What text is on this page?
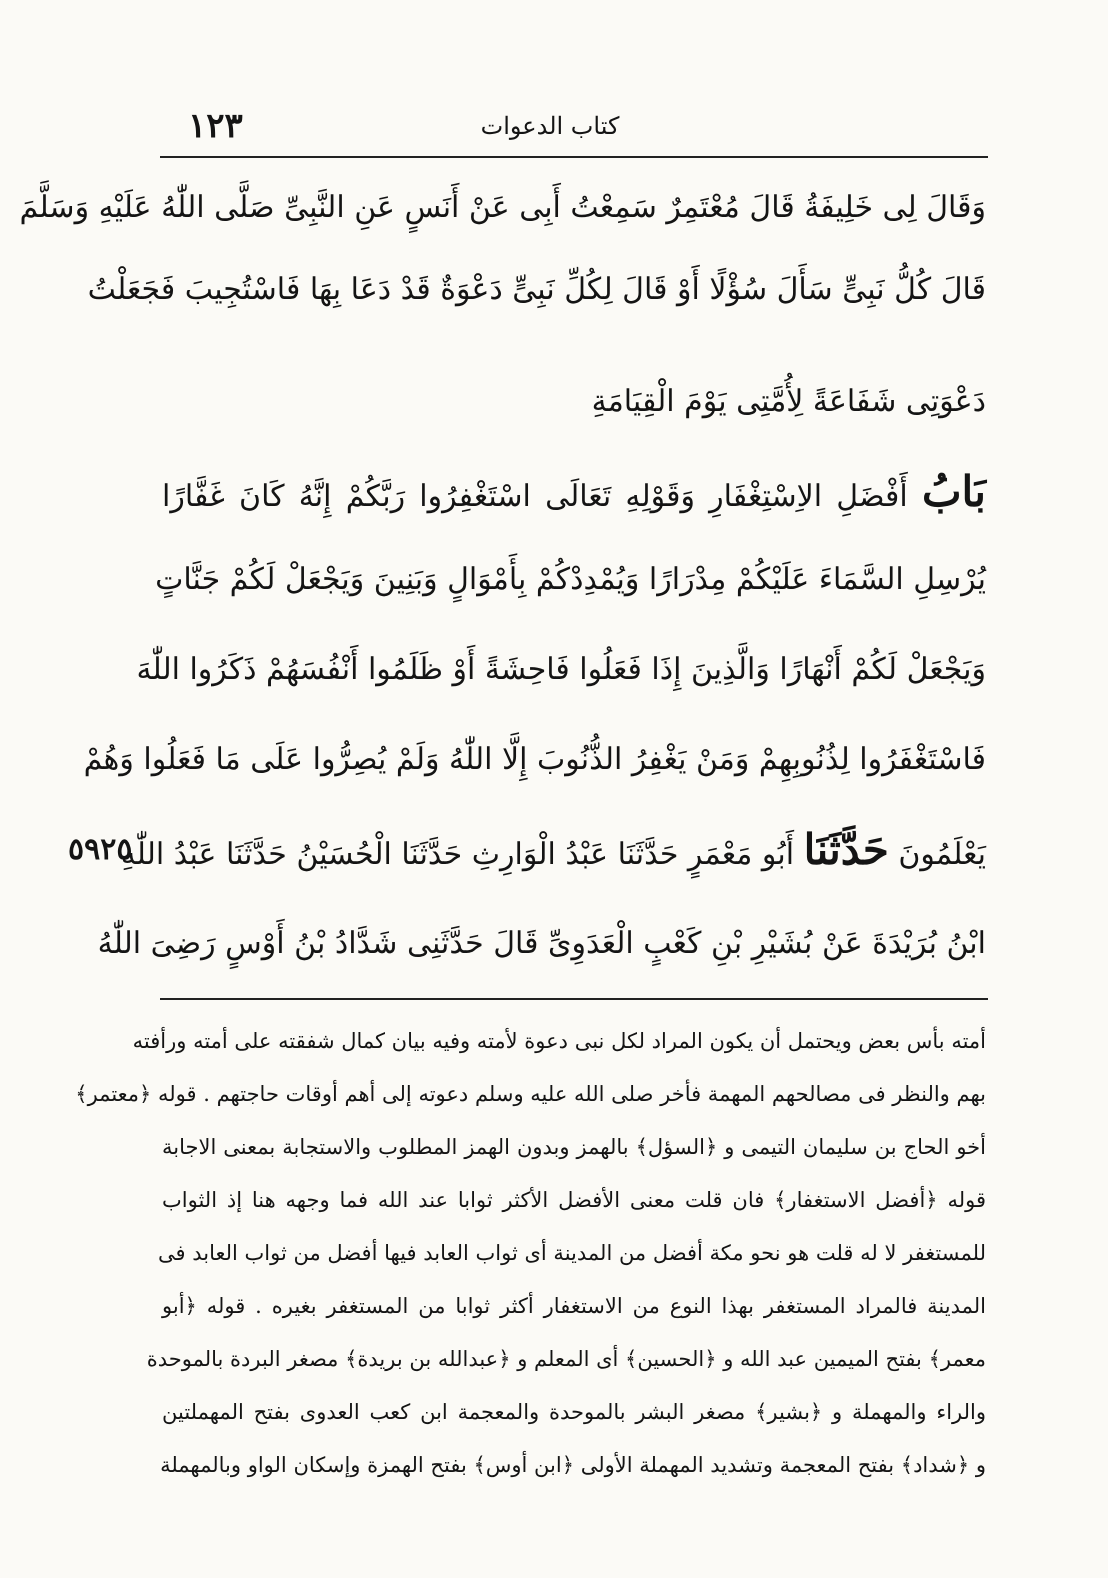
١٢٣	كتاب الدعوات
وَقَالَ لِى خَلِيفَةُ قَالَ مُعْتَمِرٌ سَمِعْتُ أَبِى عَنْ أَنَسٍ عَنِ النَّبِىِّ صَلَّى اللّٰهُ عَلَيْهِ وَسَلَّمَ
قَالَ كُلُّ نَبِىٍّ سَأَلَ سُؤْلًا أَوْ قَالَ لِكُلِّ نَبِىٍّ دَعْوَةٌ قَدْ دَعَا بِهَا فَاسْتُجِيبَ فَجَعَلْتُ
دَعْوَتِى شَفَاعَةً لِأُمَّتِى يَوْمَ الْقِيَامَةِ
بَابُ أَفْضَلِ الاِسْتِغْفَارِ وَقَوْلِهِ تَعَالَى اسْتَغْفِرُوا رَبَّكُمْ إِنَّهُ كَانَ غَفَّارًا
يُرْسِلِ السَّمَاءَ عَلَيْكُمْ مِدْرَارًا وَيُمْدِدْكُمْ بِأَمْوَالٍ وَبَنِينَ وَيَجْعَلْ لَكُمْ جَنَّاتٍ
وَيَجْعَلْ لَكُمْ أَنْهَارًا وَالَّذِينَ إِذَا فَعَلُوا فَاحِشَةً أَوْ ظَلَمُوا أَنْفُسَهُمْ ذَكَرُوا اللّٰهَ
فَاسْتَغْفَرُوا لِذُنُوبِهِمْ وَمَنْ يَغْفِرُ الذُّنُوبَ إِلَّا اللّٰهُ وَلَمْ يُصِرُّوا عَلَى مَا فَعَلُوا وَهُمْ
يَعْلَمُونَ حَدَّثَنَا أَبُو مَعْمَرٍ حَدَّثَنَا عَبْدُ الْوَارِثِ حَدَّثَنَا الْحُسَيْنُ حَدَّثَنَا عَبْدُ اللّٰهِ
ابْنُ بُرَيْدَةَ عَنْ بُشَيْرِ بْنِ كَعْبٍ الْعَدَوِىِّ قَالَ حَدَّثَنِى شَدَّادُ بْنُ أَوْسٍ رَضِىَ اللّٰهُ
٥٩٢٥
أمته بأس بعض ويحتمل أن يكون المراد لكل نبى دعوة لأمته وفيه بيان كمال شفقته على أمته ورأفته
بهم والنظر فى مصالحهم المهمة فأخر صلى الله عليه وسلم دعوته إلى أهم أوقات حاجتهم . قوله ﴿معتمر﴾
أخو الحاج بن سليمان التيمى و ﴿السؤل﴾ بالهمز وبدون الهمز المطلوب والاستجابة بمعنى الاجابة
قوله ﴿أفضل الاستغفار﴾ فان قلت معنى الأفضل الأكثر ثوابا عند الله فما وجهه هنا إذ الثواب
للمستغفر لا له قلت هو نحو مكة أفضل من المدينة أى ثواب العابد فيها أفضل من ثواب العابد فى
المدينة فالمراد المستغفر بهذا النوع من الاستغفار أكثر ثوابا من المستغفر بغيره . قوله ﴿أبو
معمر﴾ بفتح الميمين عبد الله و ﴿الحسين﴾ أى المعلم و ﴿عبدالله بن بريدة﴾ مصغر البردة بالموحدة
والراء والمهملة و ﴿بشير﴾ مصغر البشر بالموحدة والمعجمة ابن كعب العدوى بفتح المهملتين
و ﴿شداد﴾ بفتح المعجمة وتشديد المهملة الأولى ﴿ابن أوس﴾ بفتح الهمزة وإسكان الواو وبالمهملة
